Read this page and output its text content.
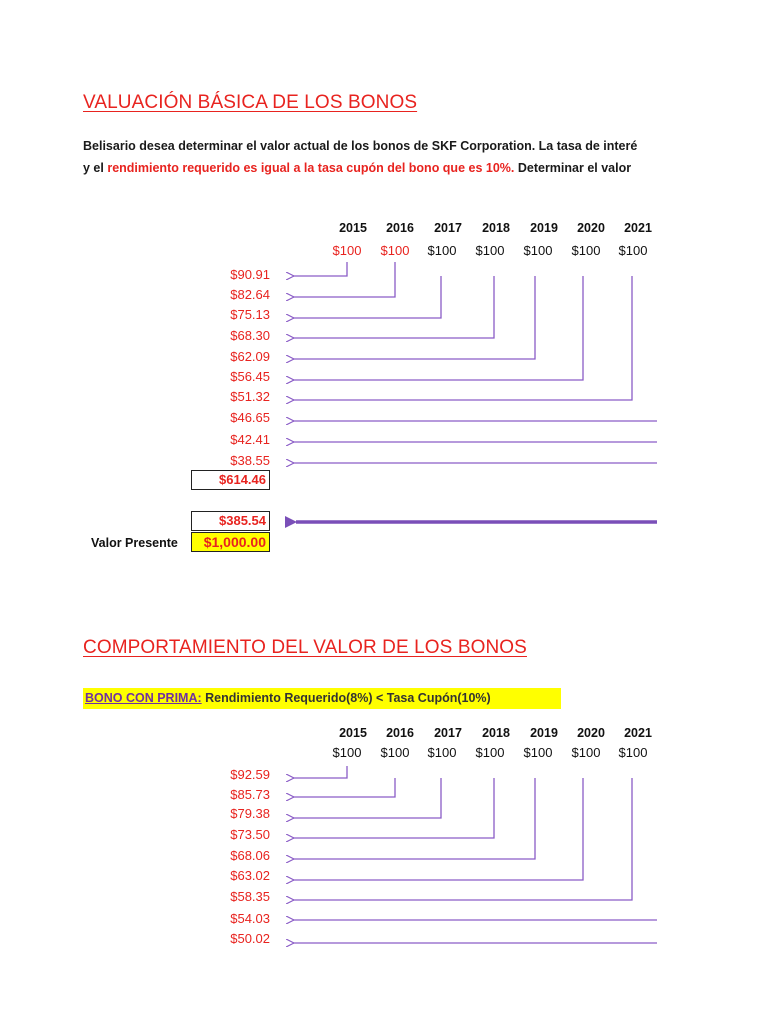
VALUACIÓN BÁSICA DE LOS BONOS
Belisario desea determinar el valor actual de los bonos de SKF Corporation. La tasa de interé
y el rendimiento requerido es igual a la tasa cupón del bono que es 10%. Determinar el valor
2015	2016	2017	2018	2019	2020	2021
$100	$100	$100	$100	$100	$100	$100
$90.91
$82.64
$75.13
$68.30
$62.09
$56.45
$51.32
$46.65
$42.41
$38.55
$614.46
$385.54
Valor Presente	$1,000.00
COMPORTAMIENTO DEL VALOR DE LOS BONOS
BONO CON PRIMA: Rendimiento Requerido(8%) < Tasa Cupón(10%)
2015	2016	2017	2018	2019	2020	2021
$100	$100	$100	$100	$100	$100	$100
$92.59
$85.73
$79.38
$73.50
$68.06
$63.02
$58.35
$54.03
$50.02
